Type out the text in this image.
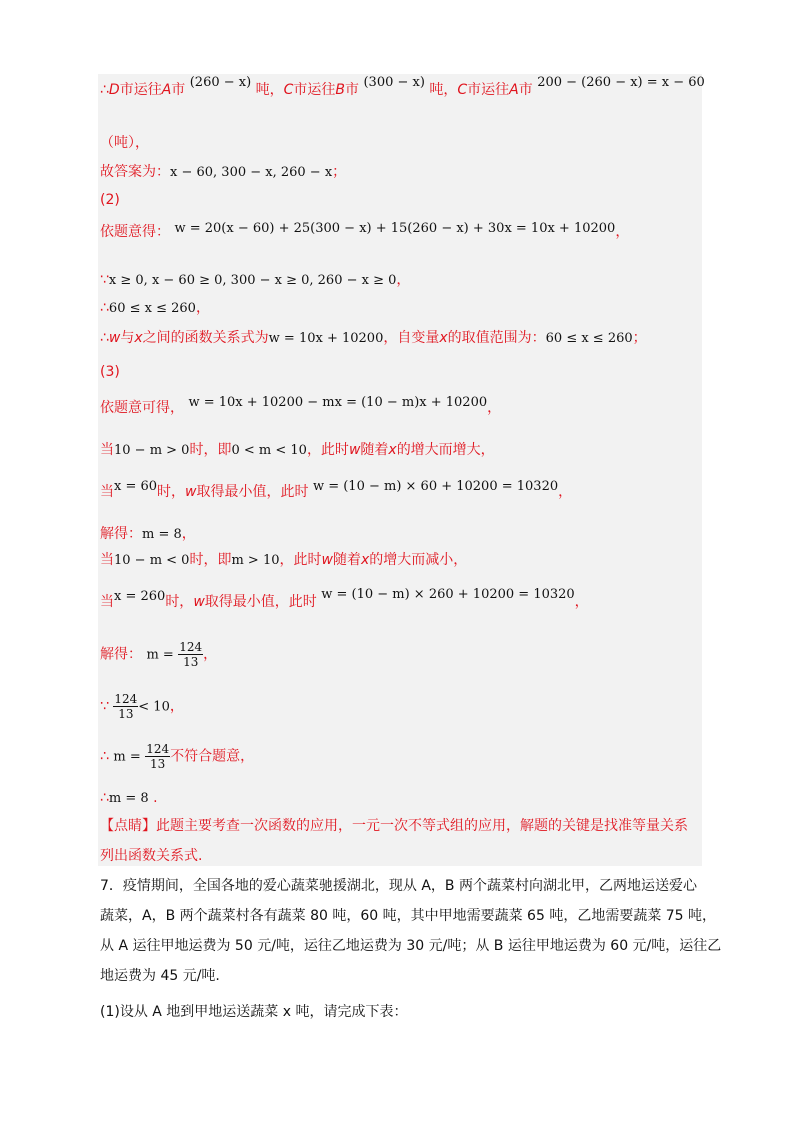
∴D市运往A市 (260 − x) 吨，C市运往B市 (300 − x) 吨，C市运往A市 200 − (260 − x) = x − 60
（吨），
故答案为：x − 60, 300 − x, 260 − x；
(2)
依题意得： w = 20(x − 60) + 25(300 − x) + 15(260 − x) + 30x = 10x + 10200，
∵x ≥ 0, x − 60 ≥ 0, 300 − x ≥ 0, 260 − x ≥ 0，
∴60 ≤ x ≤ 260，
∴w与x之间的函数关系式为w = 10x + 10200，自变量x的取值范围为：60 ≤ x ≤ 260；
(3)
依题意可得， w = 10x + 10200 − mx = (10 − m)x + 10200，
当10 − m > 0时，即0 < m < 10，此时w随着x的增大而增大，
当x = 60时，w取得最小值，此时 w = (10 − m) × 60 + 10200 = 10320，
解得：m = 8，
当10 − m < 0时，即m > 10，此时w随着x的增大而减小，
当x = 260时，w取得最小值，此时 w = (10 − m) × 260 + 10200 = 10320，
解得： $m = \frac{124}{13}$ ，
∵ $\frac{124}{13} < 10$，
∴ $m = \frac{124}{13}$ 不符合题意，
∴m = 8 .
【点睛】此题主要考查一次函数的应用，一元一次不等式组的应用，解题的关键是找准等量关系
列出函数关系式.
7．疫情期间，全国各地的爱心蔬菜驰援湖北，现从 A，B 两个蔬菜村向湖北甲，乙两地运送爱心
蔬菜，A，B 两个蔬菜村各有蔬菜 80 吨，60 吨，其中甲地需要蔬菜 65 吨，乙地需要蔬菜 75 吨，
从 A 运往甲地运费为 50 元/吨，运往乙地运费为 30 元/吨；从 B 运往甲地运费为 60 元/吨，运往乙
地运费为 45 元/吨.
(1)设从 A 地到甲地运送蔬菜 x 吨，请完成下表：
